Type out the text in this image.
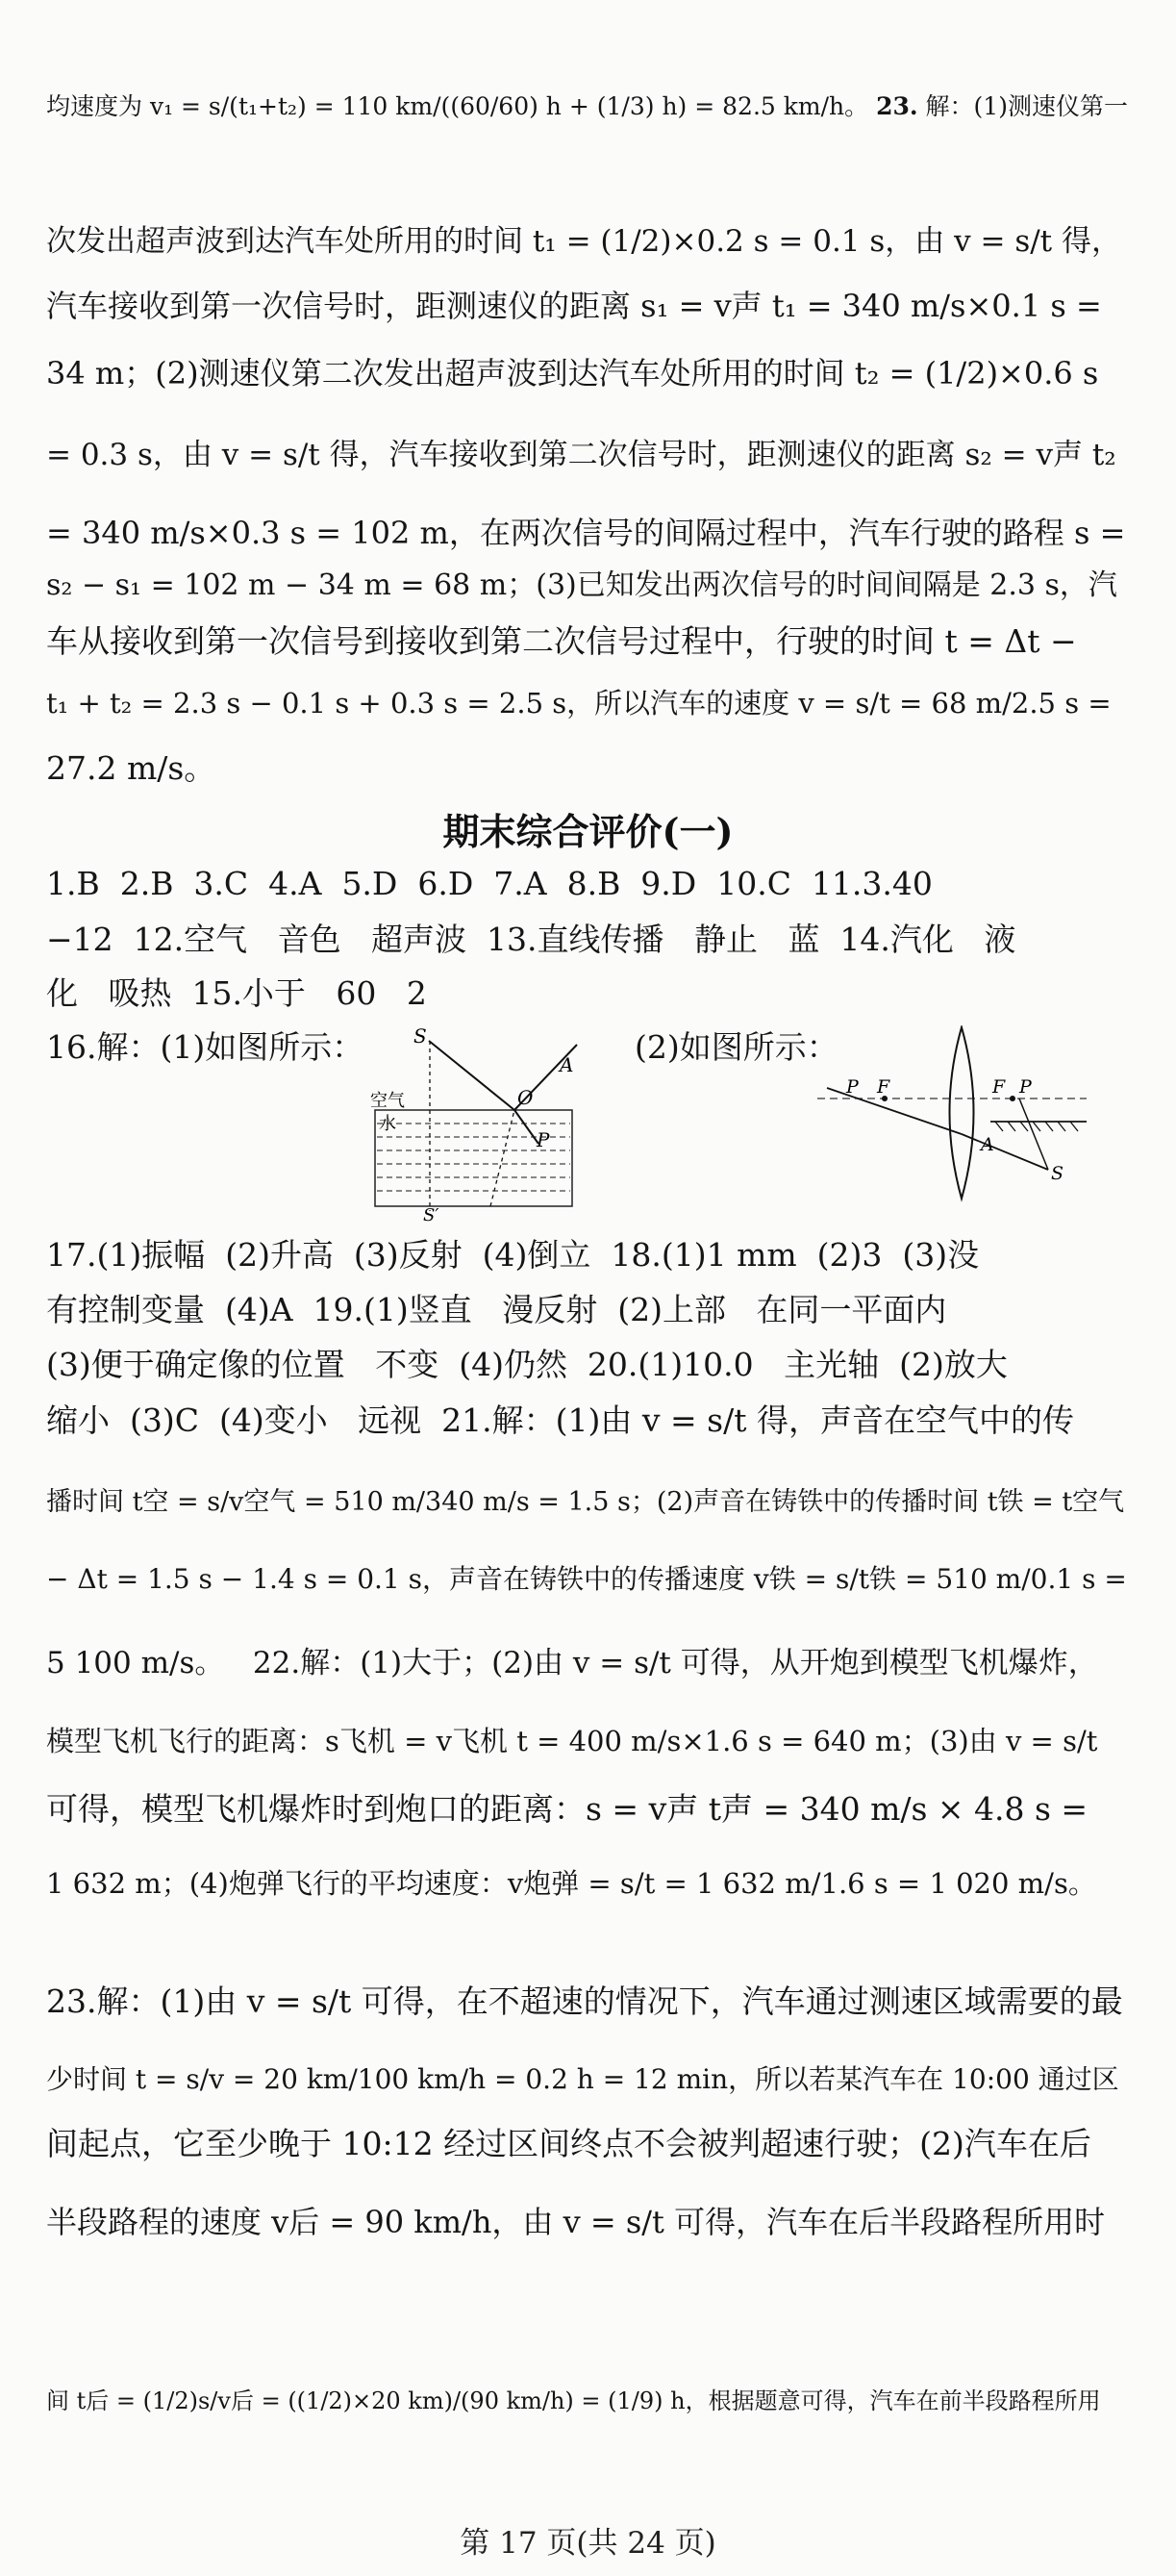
均速度为 v₁ = s/(t₁+t₂) = 110 km/((60/60) h + (1/3) h) = 82.5 km/h。 23. 解：(1)测速仪第一
次发出超声波到达汽车处所用的时间 t₁ = (1/2)×0.2 s = 0.1 s，由 v = s/t 得，
汽车接收到第一次信号时，距测速仪的距离 s₁ = v声 t₁ = 340 m/s×0.1 s =
34 m；(2)测速仪第二次发出超声波到达汽车处所用的时间 t₂ = (1/2)×0.6 s
= 0.3 s，由 v = s/t 得，汽车接收到第二次信号时，距测速仪的距离 s₂ = v声 t₂
= 340 m/s×0.3 s = 102 m，在两次信号的间隔过程中，汽车行驶的路程 s =
s₂ − s₁ = 102 m − 34 m = 68 m；(3)已知发出两次信号的时间间隔是 2.3 s，汽
车从接收到第一次信号到接收到第二次信号过程中，行驶的时间 t = Δt −
t₁ + t₂ = 2.3 s − 0.1 s + 0.3 s = 2.5 s，所以汽车的速度 v = s/t = 68 m/2.5 s =
27.2 m/s。
期末综合评价(一)
1.B  2.B  3.C  4.A  5.D  6.D  7.A  8.B  9.D  10.C  11.3.40
−12  12.空气   音色   超声波  13.直线传播   静止   蓝  14.汽化   液
化   吸热  15.小于   60   2
16.解：(1)如图所示：	(2)如图所示：
S
A
O
P
S′
空气
水
P F	F P
A
S
17.(1)振幅  (2)升高  (3)反射  (4)倒立  18.(1)1 mm  (2)3  (3)没
有控制变量  (4)A  19.(1)竖直   漫反射  (2)上部   在同一平面内
(3)便于确定像的位置   不变  (4)仍然  20.(1)10.0   主光轴  (2)放大
缩小  (3)C  (4)变小   远视  21.解：(1)由 v = s/t 得，声音在空气中的传
播时间 t空 = s/v空气 = 510 m/340 m/s = 1.5 s；(2)声音在铸铁中的传播时间 t铁 = t空气
− Δt = 1.5 s − 1.4 s = 0.1 s，声音在铸铁中的传播速度 v铁 = s/t铁 = 510 m/0.1 s =
5 100 m/s。   22.解：(1)大于；(2)由 v = s/t 可得，从开炮到模型飞机爆炸，
模型飞机飞行的距离：s飞机 = v飞机 t = 400 m/s×1.6 s = 640 m；(3)由 v = s/t
可得，模型飞机爆炸时到炮口的距离：s = v声 t声 = 340 m/s × 4.8 s =
1 632 m；(4)炮弹飞行的平均速度：v炮弹 = s/t = 1 632 m/1.6 s = 1 020 m/s。
23.解：(1)由 v = s/t 可得，在不超速的情况下，汽车通过测速区域需要的最
少时间 t = s/v = 20 km/100 km/h = 0.2 h = 12 min，所以若某汽车在 10:00 通过区
间起点，它至少晚于 10:12 经过区间终点不会被判超速行驶；(2)汽车在后
半段路程的速度 v后 = 90 km/h，由 v = s/t 可得，汽车在后半段路程所用时
间 t后 = (1/2)s/v后 = ((1/2)×20 km)/(90 km/h) = (1/9) h，根据题意可得，汽车在前半段路程所用
第 17 页(共 24 页)
